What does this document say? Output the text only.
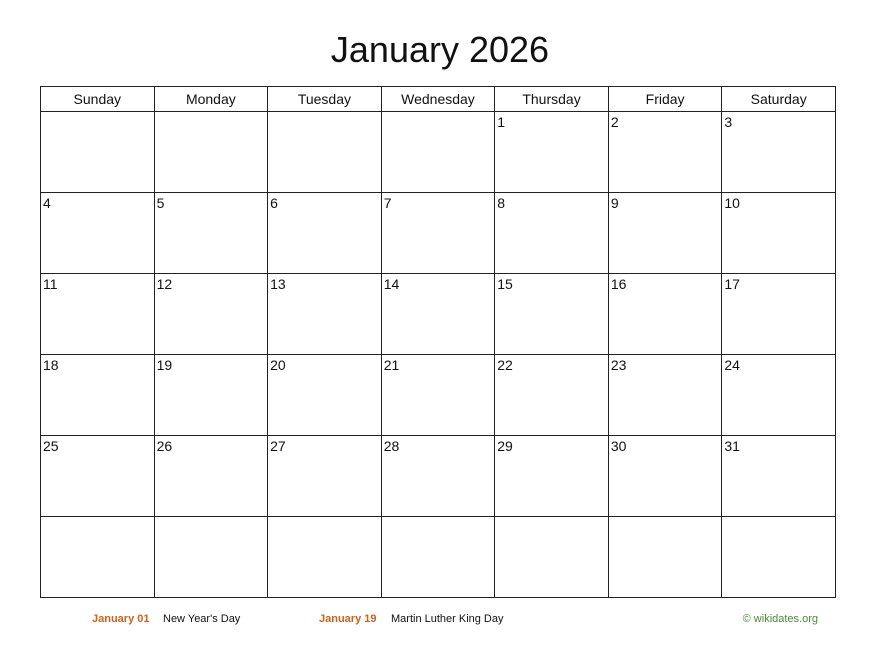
January 2026
Sunday	Monday	Tuesday	Wednesday	Thursday	Friday	Saturday
				1	2	3
4	5	6	7	8	9	10
11	12	13	14	15	16	17
18	19	20	21	22	23	24
25	26	27	28	29	30	31

January 01 New Year's Day	January 19 Martin Luther King Day	© wikidates.org
